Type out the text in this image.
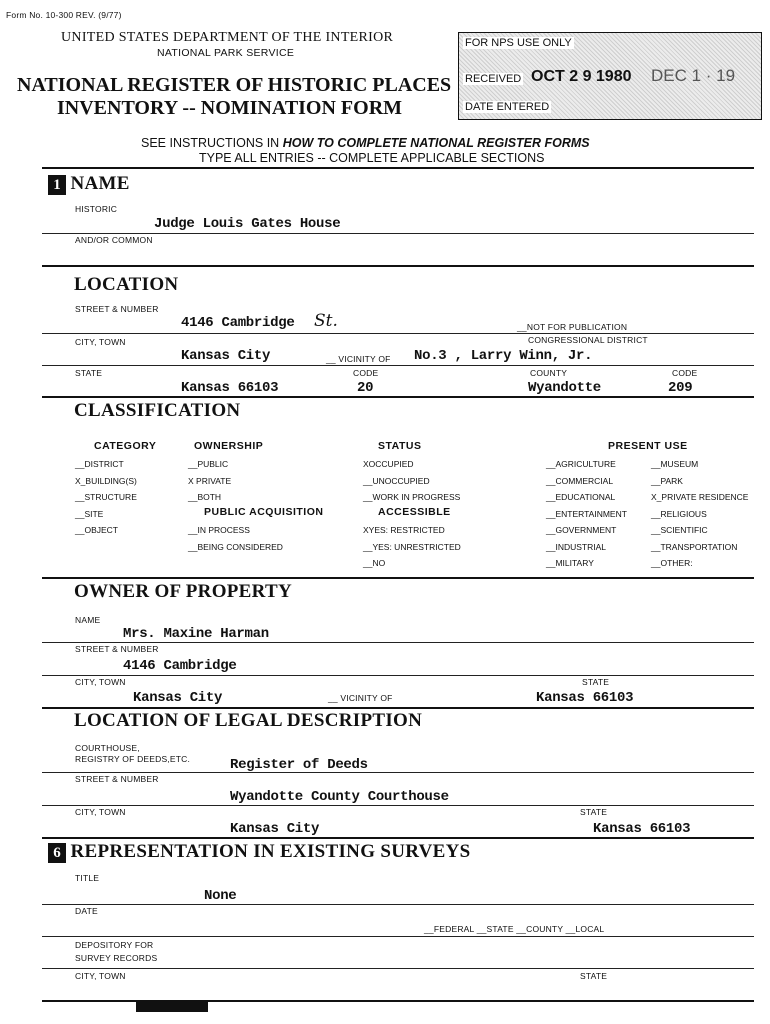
Form No. 10-300 REV. (9/77)
UNITED STATES DEPARTMENT OF THE INTERIOR
NATIONAL PARK SERVICE
NATIONAL REGISTER OF HISTORIC PLACES
INVENTORY -- NOMINATION FORM
FOR NPS USE ONLY
RECEIVED OCT 2 9 1980 DEC 1 · 19
DATE ENTERED
SEE INSTRUCTIONS IN HOW TO COMPLETE NATIONAL REGISTER FORMS
TYPE ALL ENTRIES -- COMPLETE APPLICABLE SECTIONS
1 NAME
HISTORIC
Judge Louis Gates House
AND/OR COMMON
LOCATION
STREET & NUMBER
4146 Cambridge St.	__NOT FOR PUBLICATION
CITY, TOWN	CONGRESSIONAL DISTRICT
Kansas City	__ VICINITY OF No.3 , Larry Winn, Jr.
STATE	CODE	COUNTY	CODE
Kansas 66103	20	Wyandotte	209
CLASSIFICATION
CATEGORY
__DISTRICT
X_BUILDING(S)
__STRUCTURE
__SITE
__OBJECT
OWNERSHIP
__PUBLIC
X PRIVATE
__BOTH
PUBLIC ACQUISITION
__IN PROCESS
__BEING CONSIDERED
STATUS
XOCCUPIED
__UNOCCUPIED
__WORK IN PROGRESS
ACCESSIBLE
XYES: RESTRICTED
__YES: UNRESTRICTED
__NO
PRESENT USE
__AGRICULTURE
__COMMERCIAL
__EDUCATIONAL
__ENTERTAINMENT
__GOVERNMENT
__INDUSTRIAL
__MILITARY
__MUSEUM
__PARK
X_PRIVATE RESIDENCE
__RELIGIOUS
__SCIENTIFIC
__TRANSPORTATION
__OTHER:
OWNER OF PROPERTY
NAME
Mrs. Maxine Harman
STREET & NUMBER
4146 Cambridge
CITY, TOWN	STATE
Kansas City	__ VICINITY OF	Kansas 66103
LOCATION OF LEGAL DESCRIPTION
COURTHOUSE,
REGISTRY OF DEEDS,ETC.	Register of Deeds
STREET & NUMBER
Wyandotte County Courthouse
CITY, TOWN	STATE
Kansas City	Kansas 66103
6 REPRESENTATION IN EXISTING SURVEYS
TITLE
None
DATE
__FEDERAL __STATE __COUNTY __LOCAL
DEPOSITORY FOR
SURVEY RECORDS
CITY, TOWN	STATE
